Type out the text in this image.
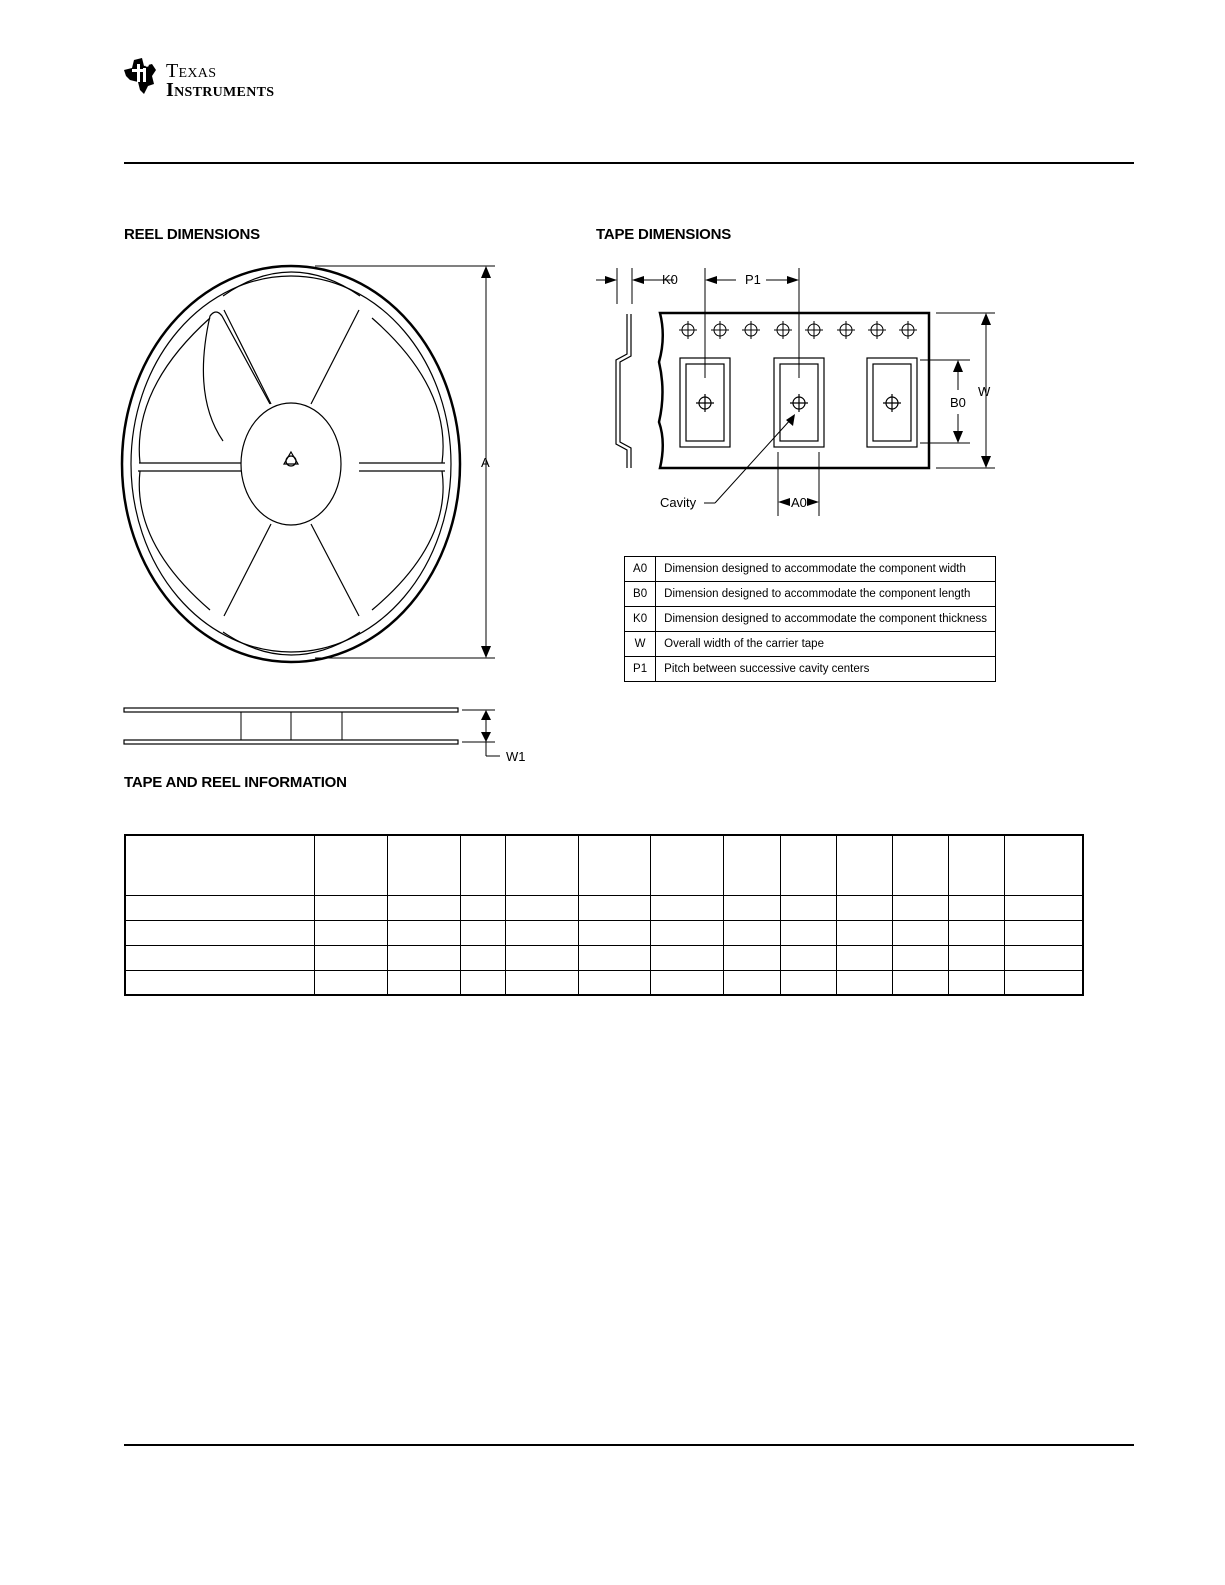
Texas
Instruments
REEL DIMENSIONS	TAPE DIMENSIONS
A
W1
K0	P1
W
B0
A0
Cavity
A0	Dimension designed to accommodate the component width
B0	Dimension designed to accommodate the component length
K0	Dimension designed to accommodate the component thickness
W	Overall width of the carrier tape
P1	Pitch between successive cavity centers
TAPE AND REEL INFORMATION
